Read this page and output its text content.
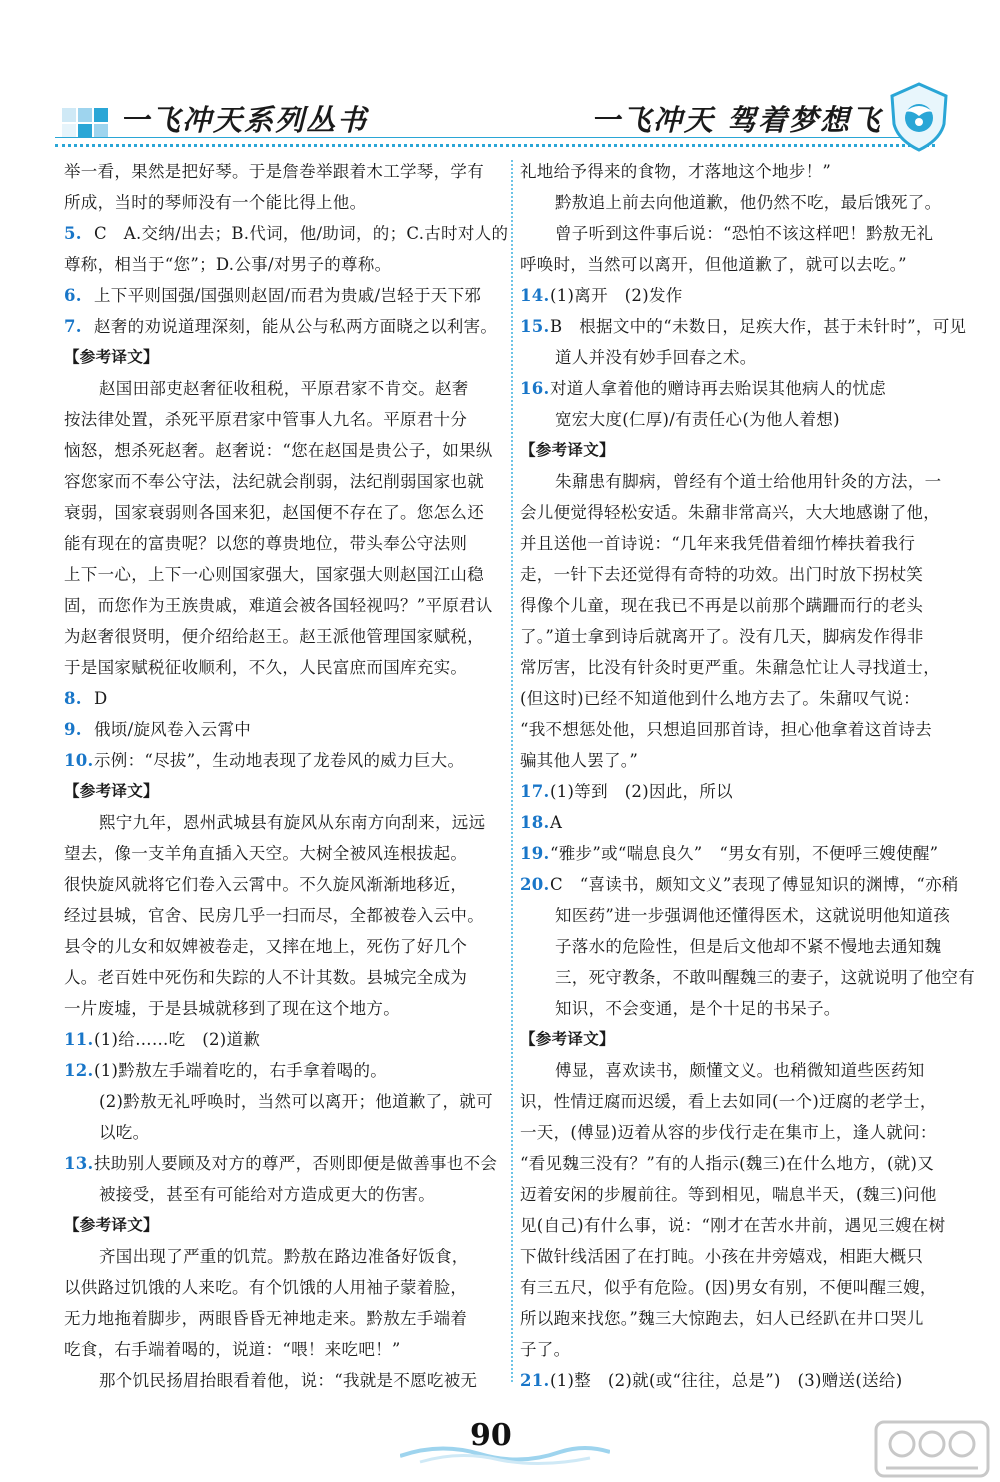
一飞冲天系列丛书	一飞冲天 驾着梦想飞
举一看，果然是把好琴。于是詹巻举跟着木工学琴，学有
所成，当时的琴师没有一个能比得上他。
5. C　A.交纳/出去；B.代词，他/助词，的；C.古时对人的
尊称，相当于“您”；D.公事/对男子的尊称。
6. 上下平则国强/国强则赵固/而君为贵戚/岂轻于天下邪
7. 赵奢的劝说道理深刻，能从公与私两方面晓之以利害。
【参考译文】
赵国田部吏赵奢征收租税，平原君家不肯交。赵奢
按法律处置，杀死平原君家中管事人九名。平原君十分
恼怒，想杀死赵奢。赵奢说：“您在赵国是贵公子，如果纵
容您家而不奉公守法，法纪就会削弱，法纪削弱国家也就
衰弱，国家衰弱则各国来犯，赵国便不存在了。您怎么还
能有现在的富贵呢？以您的尊贵地位，带头奉公守法则
上下一心，上下一心则国家强大，国家强大则赵国江山稳
固，而您作为王族贵戚，难道会被各国轻视吗？”平原君认
为赵奢很贤明，便介绍给赵王。赵王派他管理国家赋税，
于是国家赋税征收顺利，不久，人民富庶而国库充实。
8. D
9. 俄顷/旋风卷入云霄中
10.示例：“尽拔”，生动地表现了龙卷风的威力巨大。
【参考译文】
熙宁九年，恩州武城县有旋风从东南方向刮来，远远
望去，像一支羊角直插入天空。大树全被风连根拔起。
很快旋风就将它们卷入云霄中。不久旋风渐渐地移近，
经过县城，官舍、民房几乎一扫而尽，全都被卷入云中。
县令的儿女和奴婢被卷走，又摔在地上，死伤了好几个
人。老百姓中死伤和失踪的人不计其数。县城完全成为
一片废墟，于是县城就移到了现在这个地方。
11.(1)给……吃　(2)道歉
12.(1)黔敖左手端着吃的，右手拿着喝的。
(2)黔敖无礼呼唤时，当然可以离开；他道歉了，就可
以吃。
13.扶助别人要顾及对方的尊严，否则即便是做善事也不会
被接受，甚至有可能给对方造成更大的伤害。
【参考译文】
齐国出现了严重的饥荒。黔敖在路边准备好饭食，
以供路过饥饿的人来吃。有个饥饿的人用袖子蒙着脸，
无力地拖着脚步，两眼昏昏无神地走来。黔敖左手端着
吃食，右手端着喝的，说道：“喂！来吃吧！”
那个饥民扬眉抬眼看着他，说：“我就是不愿吃被无
礼地给予得来的食物，才落地这个地步！”
黔敖追上前去向他道歉，他仍然不吃，最后饿死了。
曾子听到这件事后说：“恐怕不该这样吧！黔敖无礼
呼唤时，当然可以离开，但他道歉了，就可以去吃。”
14.(1)离开　(2)发作
15.B　根据文中的“未数日，足疾大作，甚于未针时”，可见
道人并没有妙手回春之术。
16.对道人拿着他的赠诗再去贻误其他病人的忧虑
宽宏大度(仁厚)/有责任心(为他人着想)
【参考译文】
朱鼐患有脚病，曾经有个道士给他用针灸的方法，一
会儿便觉得轻松安适。朱鼐非常高兴，大大地感谢了他，
并且送他一首诗说：“几年来我凭借着细竹棒扶着我行
走，一针下去还觉得有奇特的功效。出门时放下拐杖笑
得像个儿童，现在我已不再是以前那个蹒跚而行的老头
了。”道士拿到诗后就离开了。没有几天，脚病发作得非
常厉害，比没有针灸时更严重。朱鼐急忙让人寻找道士，
(但这时)已经不知道他到什么地方去了。朱鼐叹气说：
“我不想惩处他，只想追回那首诗，担心他拿着这首诗去
骗其他人罢了。”
17.(1)等到　(2)因此，所以
18.A
19.“雅步”或“喘息良久”　“男女有别，不便呼三嫂使醒”
20.C　“喜读书，颇知文义”表现了傅显知识的渊博，“亦稍
知医药”进一步强调他还懂得医术，这就说明他知道孩
子落水的危险性，但是后文他却不紧不慢地去通知魏
三，死守教条，不敢叫醒魏三的妻子，这就说明了他空有
知识，不会变通，是个十足的书呆子。
【参考译文】
傅显，喜欢读书，颇懂文义。也稍微知道些医药知
识，性情迂腐而迟缓，看上去如同(一个)迂腐的老学士，
一天，(傅显)迈着从容的步伐行走在集市上，逢人就问：
“看见魏三没有？”有的人指示(魏三)在什么地方，(就)又
迈着安闲的步履前往。等到相见，喘息半天，(魏三)问他
见(自己)有什么事，说：“刚才在苦水井前，遇见三嫂在树
下做针线活困了在打盹。小孩在井旁嬉戏，相距大概只
有三五尺，似乎有危险。(因)男女有别，不便叫醒三嫂，
所以跑来找您。”魏三大惊跑去，妇人已经趴在井口哭儿
子了。
21.(1)整　(2)就(或“往往，总是”)　(3)赠送(送给)
90
